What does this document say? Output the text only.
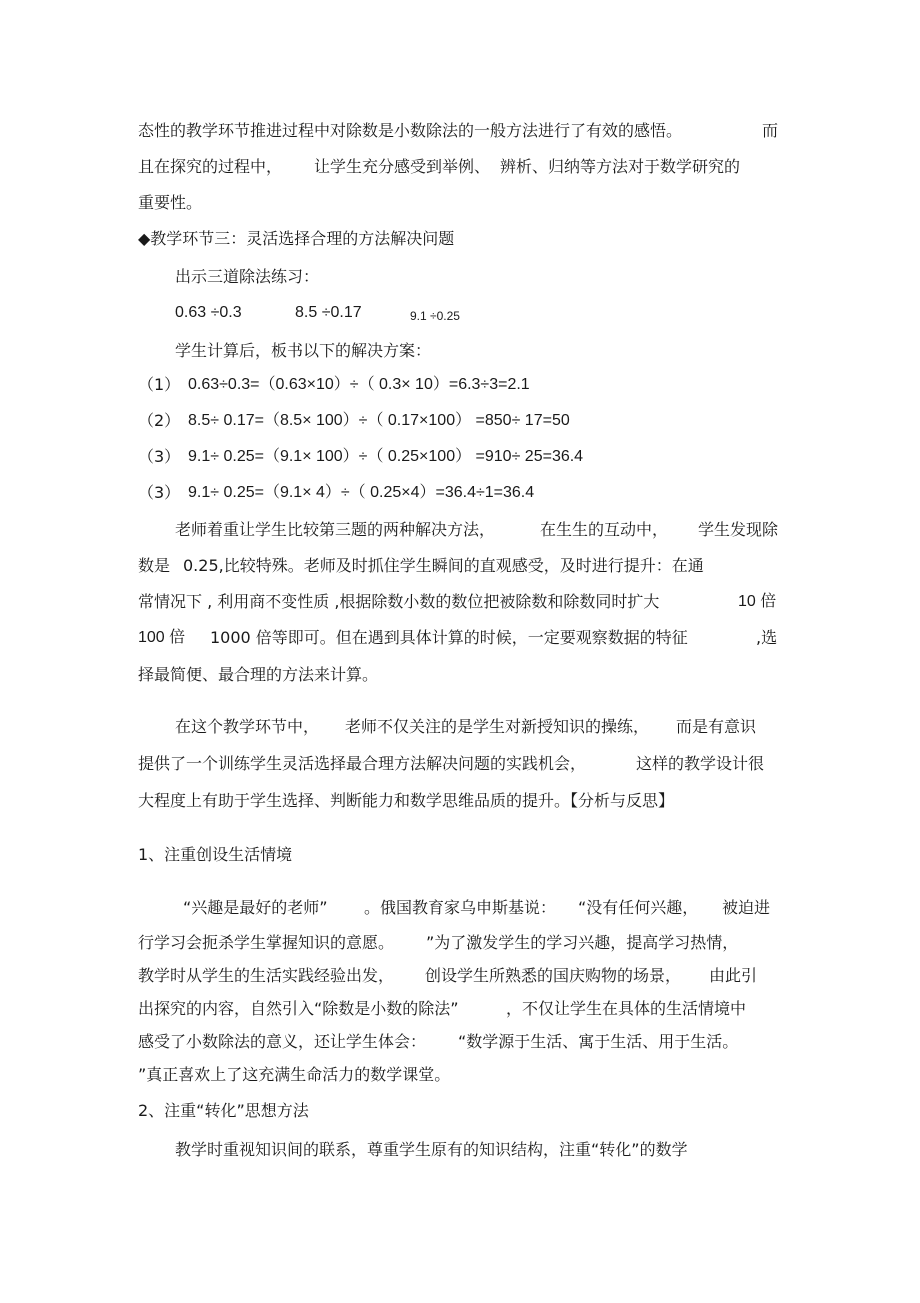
态性的教学环节推进过程中对除数是小数除法的一般方法进行了有效的感悟。	而
且在探究的过程中， 让学生充分感受到举例、 辨析、归纳等方法对于数学研究的
重要性。
◆教学环节三：灵活选择合理的方法解决问题
出示三道除法练习：
0.63 ÷0.3	8.5 ÷0.17	9.1 ÷0.25
学生计算后，板书以下的解决方案：
（1） 0.63÷0.3=（0.63×10）÷（ 0.3× 10）=6.3÷3=2.1
（2） 8.5÷ 0.17=（8.5× 100）÷（ 0.17×100） =850÷ 17=50
（3） 9.1÷ 0.25=（9.1× 100）÷（ 0.25×100） =910÷ 25=36.4
（3） 9.1÷ 0.25=（9.1× 4）÷（ 0.25×4）=36.4÷1=36.4
老师着重让学生比较第三题的两种解决方法，	在生生的互动中， 学生发现除
数是 0.25,比较特殊。老师及时抓住学生瞬间的直观感受，及时进行提升：在通
常情况下 , 利用商不变性质 ,根据除数小数的数位把被除数和除数同时扩大	10 倍
100 倍 1000 倍等即可。但在遇到具体计算的时候，一定要观察数据的特征	,选
择最简便、最合理的方法来计算。
在这个教学环节中， 老师不仅关注的是学生对新授知识的操练， 而是有意识
提供了一个训练学生灵活选择最合理方法解决问题的实践机会，	这样的教学设计很
大程度上有助于学生选择、判断能力和数学思维品质的提升。【分析与反思】
1、注重创设生活情境
“兴趣是最好的老师” 。俄国教育家乌申斯基说： “没有任何兴趣， 被迫进
行学习会扼杀学生掌握知识的意愿。 ”为了激发学生的学习兴趣，提高学习热情，
教学时从学生的生活实践经验出发， 创设学生所熟悉的国庆购物的场景， 由此引
出探究的内容，自然引入“除数是小数的除法”	，不仅让学生在具体的生活情境中
感受了小数除法的意义，还让学生体会： “数学源于生活、寓于生活、用于生活。
”真正喜欢上了这充满生命活力的数学课堂。
2、注重“转化”思想方法
教学时重视知识间的联系，尊重学生原有的知识结构，注重“转化”的数学
